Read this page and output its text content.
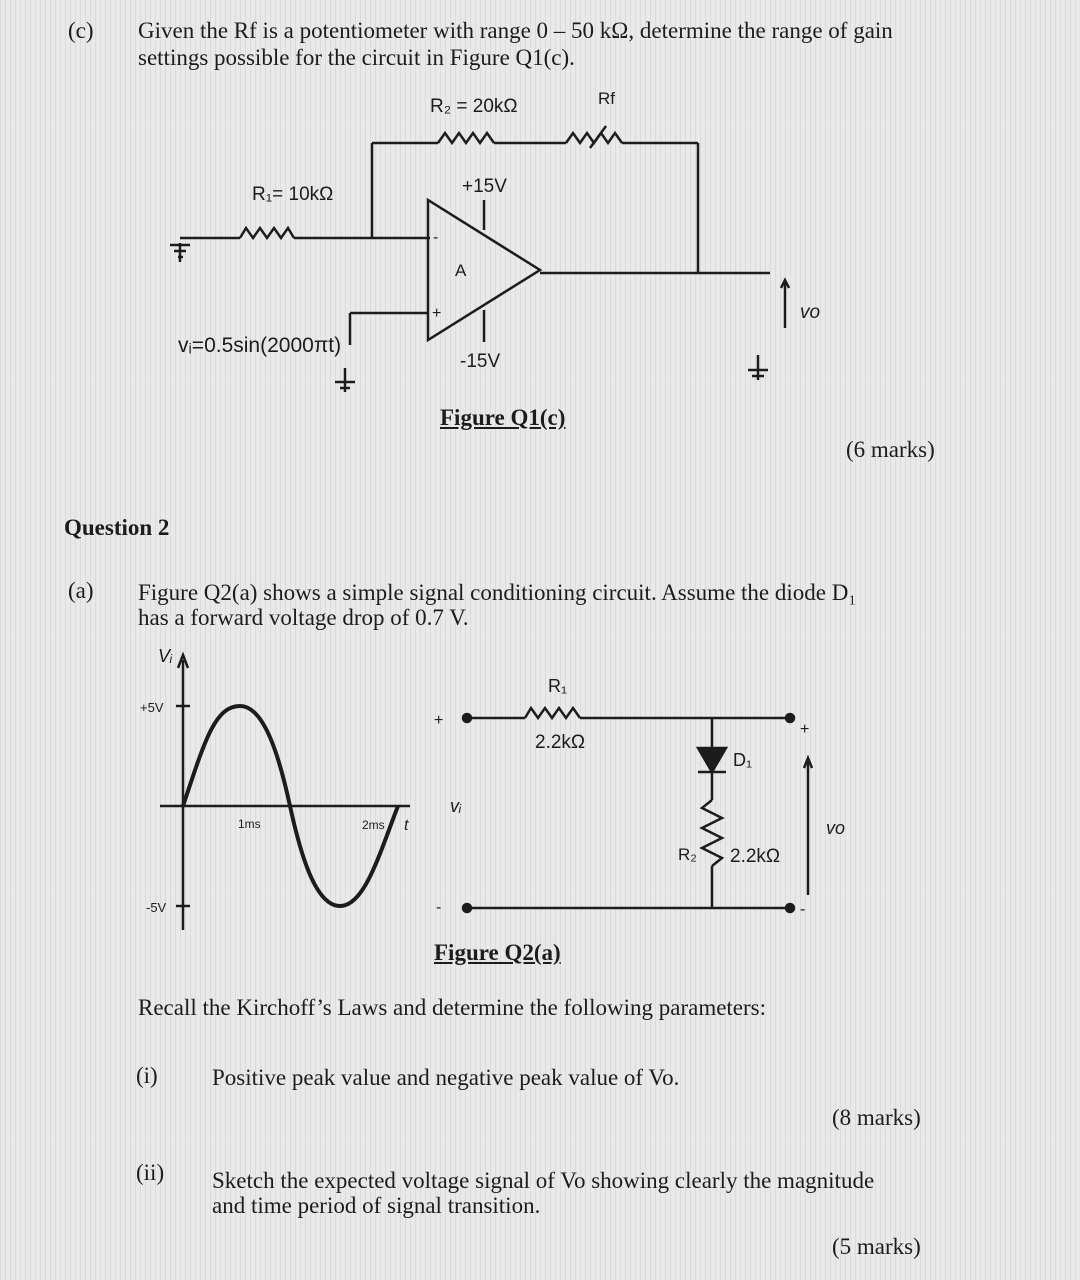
(c) Given the Rf is a potentiometer with range 0 – 50 kΩ, determine the range of gain
settings possible for the circuit in Figure Q1(c).
R₂ = 20kΩ	Rf
R₁= 10kΩ	+15V
-15V
A
-
+
vᵢ=0.5sin(2000πt)
vo
Figure Q1(c)
(6 marks)
Question 2
(a) Figure Q2(a) shows a simple signal conditioning circuit. Assume the diode D₁
has a forward voltage drop of 0.7 V.
Vᵢ
+5V
-5V
1ms	2ms t
+
-
vᵢ
R₁
2.2kΩ
D₁
R₂ 2.2kΩ
+
-
vo
Figure Q2(a)
Recall the Kirchoff’s Laws and determine the following parameters:
(i) Positive peak value and negative peak value of Vo.
(8 marks)
(ii) Sketch the expected voltage signal of Vo showing clearly the magnitude
and time period of signal transition.
(5 marks)
